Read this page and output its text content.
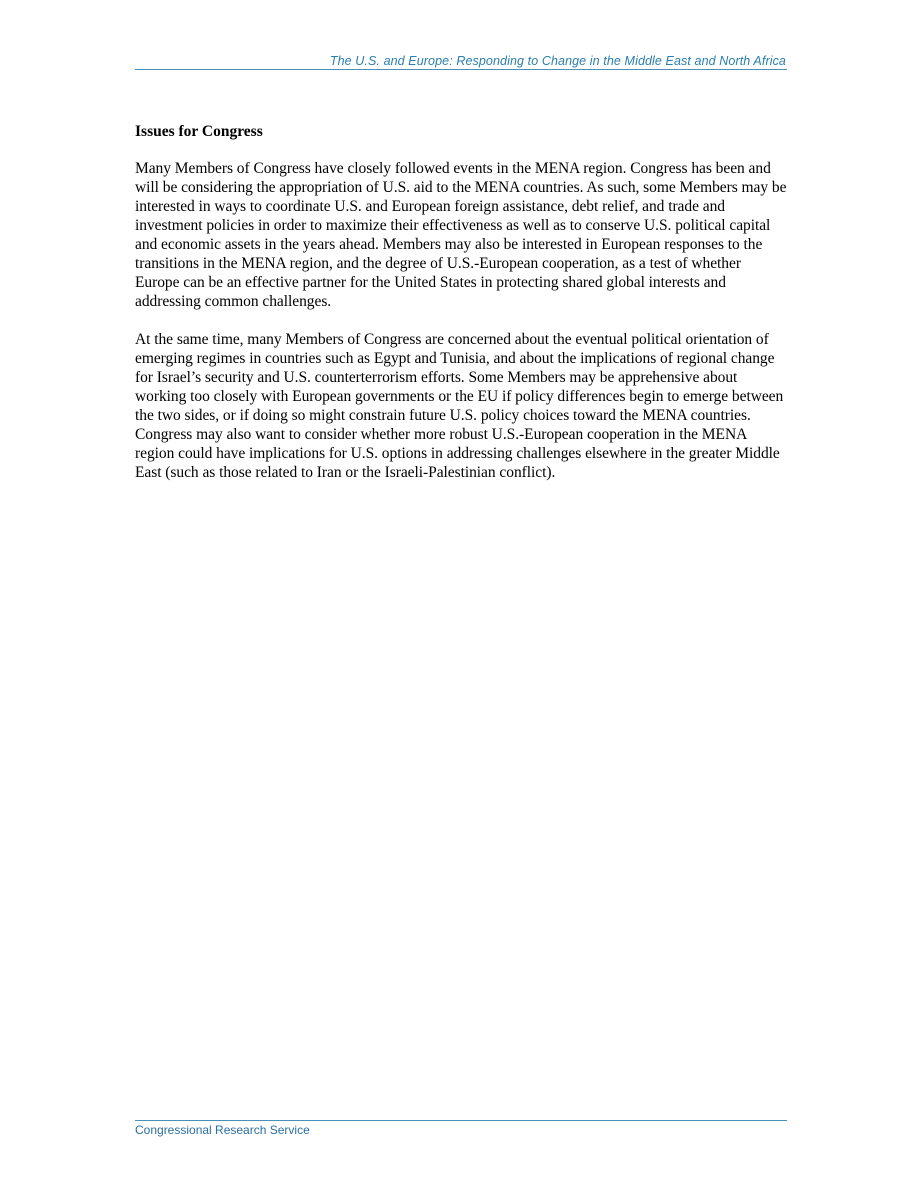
The U.S. and Europe: Responding to Change in the Middle East and North Africa
Issues for Congress

Many Members of Congress have closely followed events in the MENA region. Congress has been and will be considering the appropriation of U.S. aid to the MENA countries. As such, some Members may be interested in ways to coordinate U.S. and European foreign assistance, debt relief, and trade and investment policies in order to maximize their effectiveness as well as to conserve U.S. political capital and economic assets in the years ahead. Members may also be interested in European responses to the transitions in the MENA region, and the degree of U.S.-European cooperation, as a test of whether Europe can be an effective partner for the United States in protecting shared global interests and addressing common challenges.

At the same time, many Members of Congress are concerned about the eventual political orientation of emerging regimes in countries such as Egypt and Tunisia, and about the implications of regional change for Israel’s security and U.S. counterterrorism efforts. Some Members may be apprehensive about working too closely with European governments or the EU if policy differences begin to emerge between the two sides, or if doing so might constrain future U.S. policy choices toward the MENA countries. Congress may also want to consider whether more robust U.S.-European cooperation in the MENA region could have implications for U.S. options in addressing challenges elsewhere in the greater Middle East (such as those related to Iran or the Israeli-Palestinian conflict).

Congressional Research Service
